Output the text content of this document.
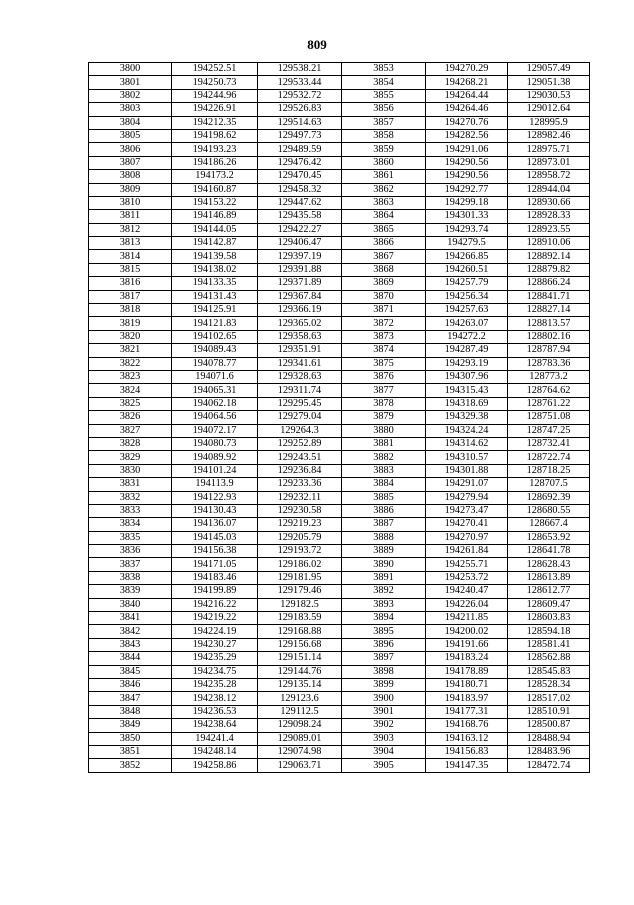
809
3800	194252.51	129538.21	3853	194270.29	129057.49
3801	194250.73	129533.44	3854	194268.21	129051.38
3802	194244.96	129532.72	3855	194264.44	129030.53
3803	194226.91	129526.83	3856	194264.46	129012.64
3804	194212.35	129514.63	3857	194270.76	128995.9
3805	194198.62	129497.73	3858	194282.56	128982.46
3806	194193.23	129489.59	3859	194291.06	128975.71
3807	194186.26	129476.42	3860	194290.56	128973.01
3808	194173.2	129470.45	3861	194290.56	128958.72
3809	194160.87	129458.32	3862	194292.77	128944.04
3810	194153.22	129447.62	3863	194299.18	128930.66
3811	194146.89	129435.58	3864	194301.33	128928.33
3812	194144.05	129422.27	3865	194293.74	128923.55
3813	194142.87	129406.47	3866	194279.5	128910.06
3814	194139.58	129397.19	3867	194266.85	128892.14
3815	194138.02	129391.88	3868	194260.51	128879.82
3816	194133.35	129371.89	3869	194257.79	128866.24
3817	194131.43	129367.84	3870	194256.34	128841.71
3818	194125.91	129366.19	3871	194257.63	128827.14
3819	194121.83	129365.02	3872	194263.07	128813.57
3820	194102.65	129358.63	3873	194272.2	128802.16
3821	194089.43	129351.91	3874	194287.49	128787.94
3822	194078.77	129341.61	3875	194293.19	128783.36
3823	194071.6	129328.63	3876	194307.96	128773.2
3824	194065.31	129311.74	3877	194315.43	128764.62
3825	194062.18	129295.45	3878	194318.69	128761.22
3826	194064.56	129279.04	3879	194329.38	128751.08
3827	194072.17	129264.3	3880	194324.24	128747.25
3828	194080.73	129252.89	3881	194314.62	128732.41
3829	194089.92	129243.51	3882	194310.57	128722.74
3830	194101.24	129236.84	3883	194301.88	128718.25
3831	194113.9	129233.36	3884	194291.07	128707.5
3832	194122.93	129232.11	3885	194279.94	128692.39
3833	194130.43	129230.58	3886	194273.47	128680.55
3834	194136.07	129219.23	3887	194270.41	128667.4
3835	194145.03	129205.79	3888	194270.97	128653.92
3836	194156.38	129193.72	3889	194261.84	128641.78
3837	194171.05	129186.02	3890	194255.71	128628.43
3838	194183.46	129181.95	3891	194253.72	128613.89
3839	194199.89	129179.46	3892	194240.47	128612.77
3840	194216.22	129182.5	3893	194226.04	128609.47
3841	194219.22	129183.59	3894	194211.85	128603.83
3842	194224.19	129168.88	3895	194200.02	128594.18
3843	194230.27	129156.68	3896	194191.66	128581.41
3844	194235.29	129151.14	3897	194183.24	128562.88
3845	194234.75	129144.76	3898	194178.89	128545.83
3846	194235.28	129135.14	3899	194180.71	128528.34
3847	194238.12	129123.6	3900	194183.97	128517.02
3848	194236.53	129112.5	3901	194177.31	128510.91
3849	194238.64	129098.24	3902	194168.76	128500.87
3850	194241.4	129089.01	3903	194163.12	128488.94
3851	194248.14	129074.98	3904	194156.83	128483.96
3852	194258.86	129063.71	3905	194147.35	128472.74
